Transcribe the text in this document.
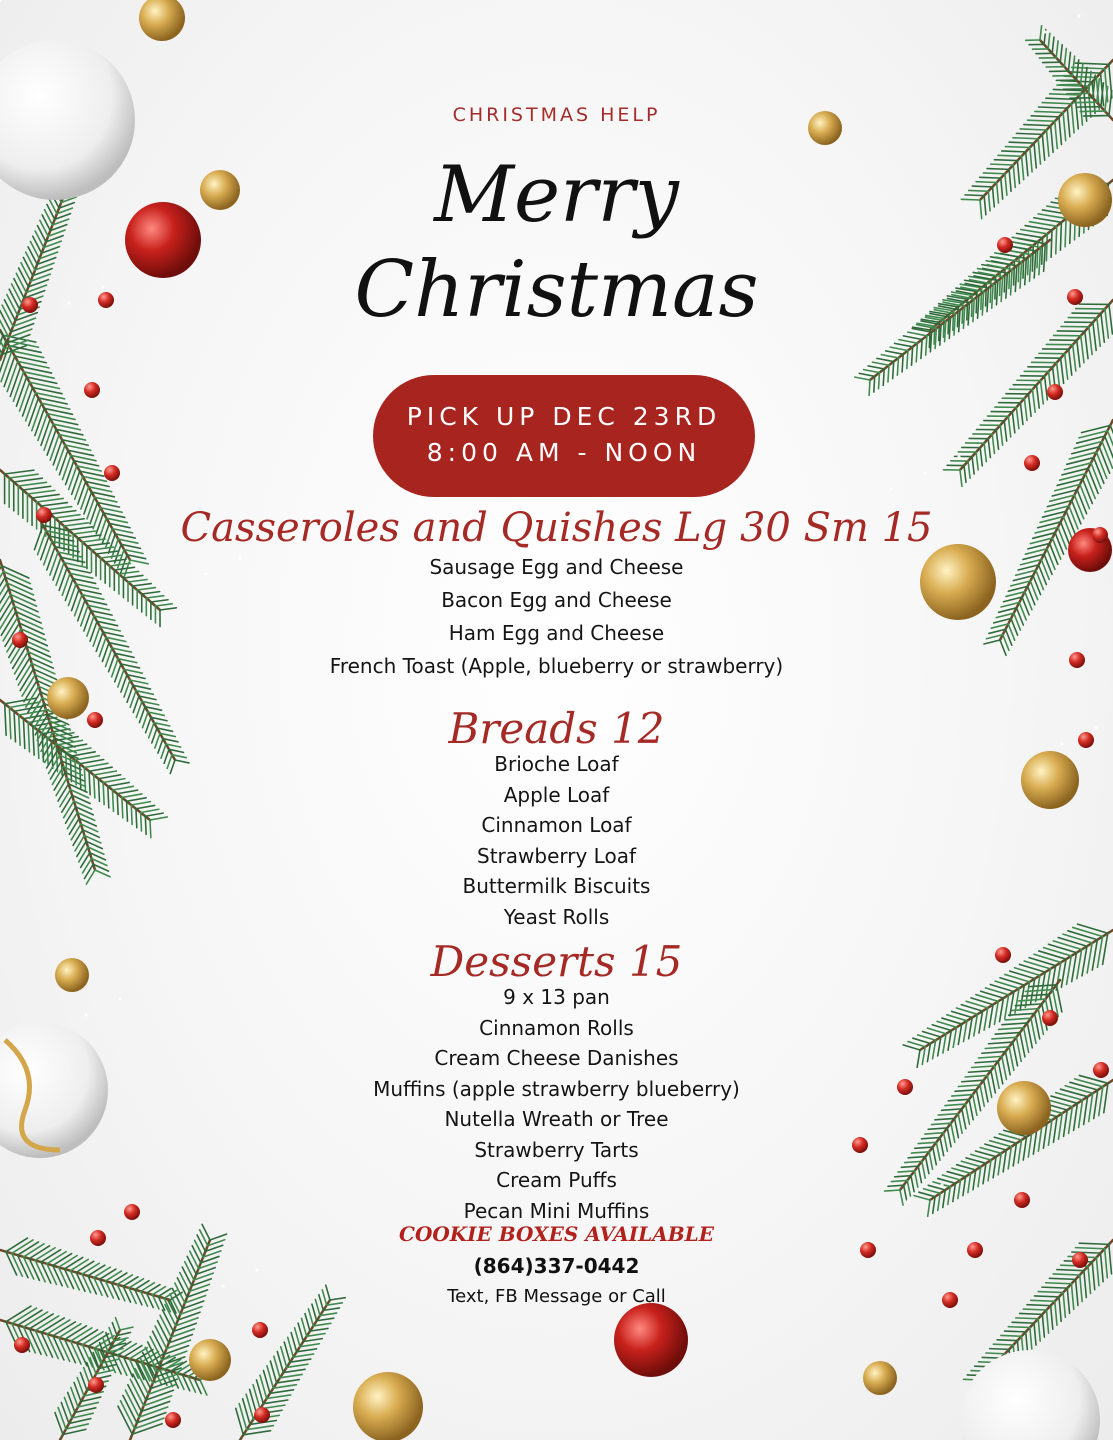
CHRISTMAS HELP
Merry
Christmas
PICK UP DEC 23RD
8:00 AM - NOON
Casseroles and Quishes Lg 30 Sm 15
Sausage Egg and Cheese
Bacon Egg and Cheese
Ham Egg and Cheese
French Toast (Apple, blueberry or strawberry)
Breads 12
Brioche Loaf
Apple Loaf
Cinnamon Loaf
Strawberry Loaf
Buttermilk Biscuits
Yeast Rolls
Desserts 15
9 x 13 pan
Cinnamon Rolls
Cream Cheese Danishes
Muffins (apple strawberry blueberry)
Nutella Wreath or Tree
Strawberry Tarts
Cream Puffs
Pecan Mini Muffins
COOKIE BOXES AVAILABLE
(864)337-0442
Text, FB Message or Call
